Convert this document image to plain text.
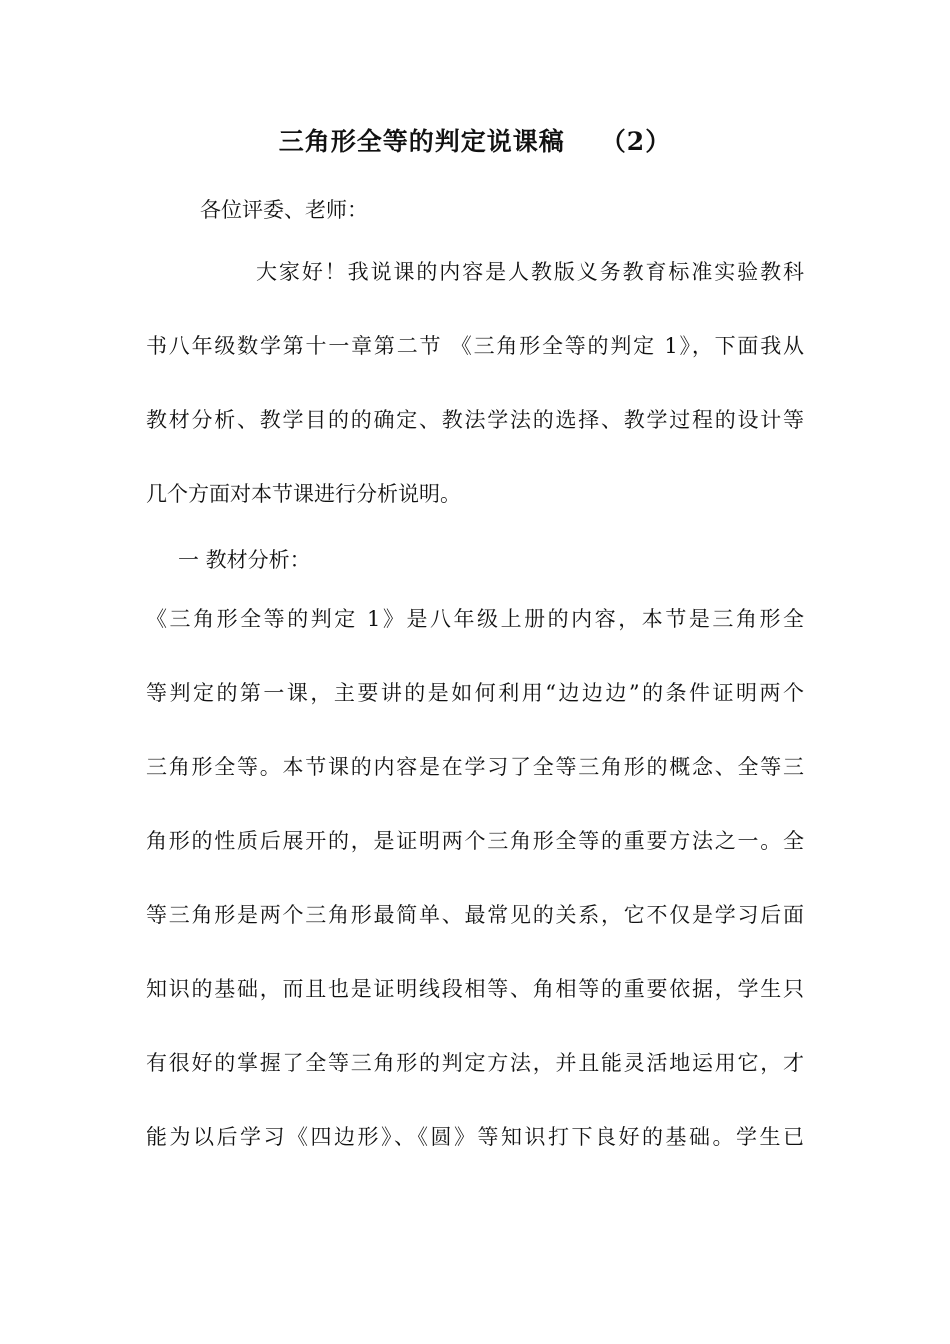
三角形全等的判定说课稿 （2）
各位评委、老师：
大家好！我说课的内容是人教版义务教育标准实验教科
书八年级数学第十一章第二节 《三角形全等的判定 1》，下面我从
教材分析、教学目的的确定、教法学法的选择、教学过程的设计等
几个方面对本节课进行分析说明。
一 教材分析：
《三角形全等的判定 1》是八年级上册的内容，本节是三角形全
等判定的第一课，主要讲的是如何利用“边边边”的条件证明两个
三角形全等。本节课的内容是在学习了全等三角形的概念、全等三
角形的性质后展开的，是证明两个三角形全等的重要方法之一。全
等三角形是两个三角形最简单、最常见的关系，它不仅是学习后面
知识的基础，而且也是证明线段相等、角相等的重要依据，学生只
有很好的掌握了全等三角形的判定方法，并且能灵活地运用它，才
能为以后学习《四边形》、《圆》等知识打下良好的基础。学生已
